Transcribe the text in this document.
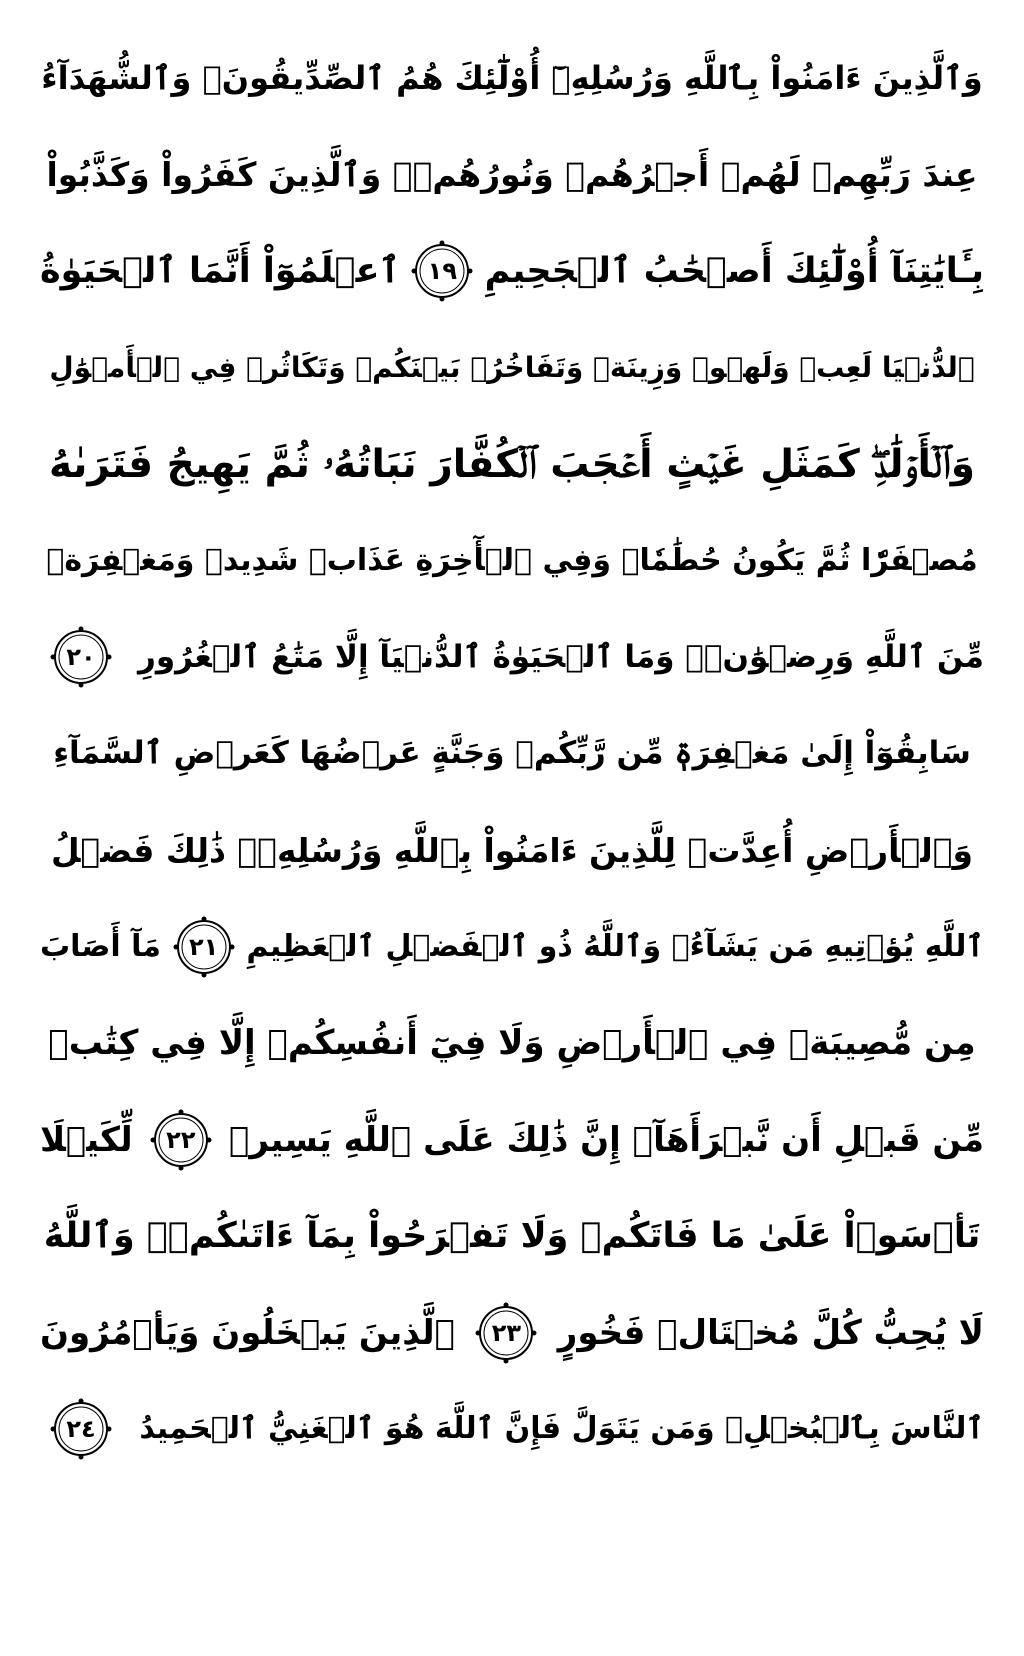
وَٱلَّذِينَ ءَامَنُواْ بِٱللَّهِ وَرُسُلِهِۦٓ أُوْلَٰٓئِكَ هُمُ ٱلصِّدِّيقُونَۖ وَٱلشُّهَدَآءُ
عِندَ رَبِّهِمۡ لَهُمۡ أَجۡرُهُمۡ وَنُورُهُمۡۖ وَٱلَّذِينَ كَفَرُواْ وَكَذَّبُواْ
بِـَٔايَٰتِنَآ أُوْلَٰٓئِكَ أَصۡحَٰبُ ٱلۡجَحِيمِ
١٩
ٱعۡلَمُوٓاْ أَنَّمَا ٱلۡحَيَوٰةُ
ٱلدُّنۡيَا لَعِبٞ وَلَهۡوٞ وَزِينَةٞ وَتَفَاخُرُۢ بَيۡنَكُمۡ وَتَكَاثُرٞ فِي ٱلۡأَمۡوَٰلِ
وَٱلۡأَوۡلَٰدِۖ كَمَثَلِ غَيۡثٍ أَعۡجَبَ ٱلۡكُفَّارَ نَبَاتُهُۥ ثُمَّ يَهِيجُ فَتَرَىٰهُ
مُصۡفَرّٗا ثُمَّ يَكُونُ حُطَٰمٗاۖ وَفِي ٱلۡأٓخِرَةِ عَذَابٞ شَدِيدٞ وَمَغۡفِرَةٞ
مِّنَ ٱللَّهِ وَرِضۡوَٰنٞۚ وَمَا ٱلۡحَيَوٰةُ ٱلدُّنۡيَآ إِلَّا مَتَٰعُ ٱلۡغُرُورِ
٢٠
سَابِقُوٓاْ إِلَىٰ مَغۡفِرَةٖ مِّن رَّبِّكُمۡ وَجَنَّةٍ عَرۡضُهَا كَعَرۡضِ ٱلسَّمَآءِ
وَٱلۡأَرۡضِ أُعِدَّتۡ لِلَّذِينَ ءَامَنُواْ بِٱللَّهِ وَرُسُلِهِۦۚ ذَٰلِكَ فَضۡلُ
ٱللَّهِ يُؤۡتِيهِ مَن يَشَآءُۚ وَٱللَّهُ ذُو ٱلۡفَضۡلِ ٱلۡعَظِيمِ
٢١
مَآ أَصَابَ
مِن مُّصِيبَةٖ فِي ٱلۡأَرۡضِ وَلَا فِيٓ أَنفُسِكُمۡ إِلَّا فِي كِتَٰبٖ
مِّن قَبۡلِ أَن نَّبۡرَأَهَآۚ إِنَّ ذَٰلِكَ عَلَى ٱللَّهِ يَسِيرٞ
٢٢
لِّكَيۡلَا
تَأۡسَوۡاْ عَلَىٰ مَا فَاتَكُمۡ وَلَا تَفۡرَحُواْ بِمَآ ءَاتَىٰكُمۡۗ وَٱللَّهُ
لَا يُحِبُّ كُلَّ مُخۡتَالٖ فَخُورٍ
٢٣
ٱلَّذِينَ يَبۡخَلُونَ وَيَأۡمُرُونَ
ٱلنَّاسَ بِٱلۡبُخۡلِۗ وَمَن يَتَوَلَّ فَإِنَّ ٱللَّهَ هُوَ ٱلۡغَنِيُّ ٱلۡحَمِيدُ
٢٤
